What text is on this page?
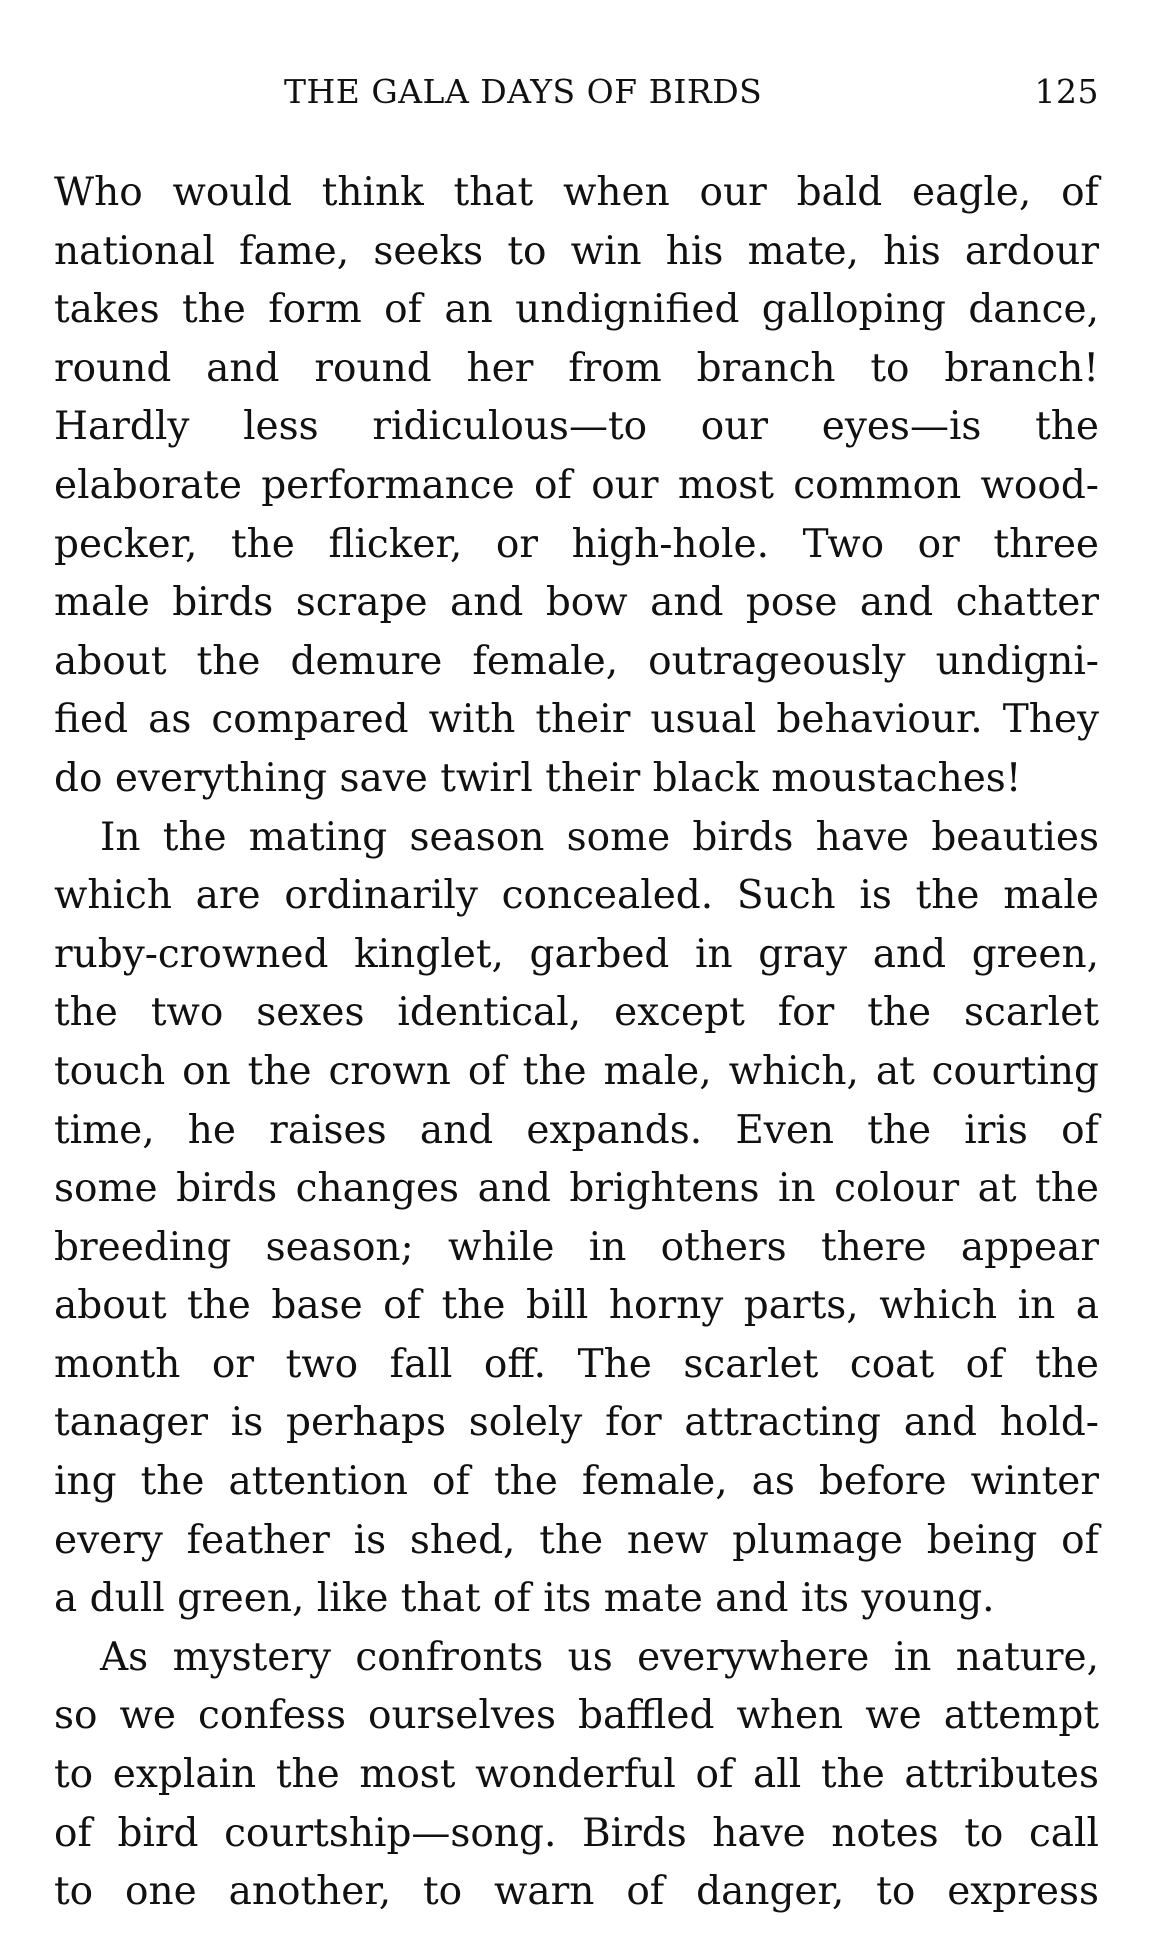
THE GALA DAYS OF BIRDS	125
Who would think that when our bald eagle, of
national fame, seeks to win his mate, his ardour
takes the form of an undignified galloping dance,
round and round her from branch to branch!
Hardly less ridiculous—to our eyes—is the
elaborate performance of our most common wood-
pecker, the flicker, or high-hole. Two or three
male birds scrape and bow and pose and chatter
about the demure female, outrageously undigni-
fied as compared with their usual behaviour. They
do everything save twirl their black moustaches!
In the mating season some birds have beauties
which are ordinarily concealed. Such is the male
ruby-crowned kinglet, garbed in gray and green,
the two sexes identical, except for the scarlet
touch on the crown of the male, which, at courting
time, he raises and expands. Even the iris of
some birds changes and brightens in colour at the
breeding season; while in others there appear
about the base of the bill horny parts, which in a
month or two fall off. The scarlet coat of the
tanager is perhaps solely for attracting and hold-
ing the attention of the female, as before winter
every feather is shed, the new plumage being of
a dull green, like that of its mate and its young.
As mystery confronts us everywhere in nature,
so we confess ourselves baffled when we attempt
to explain the most wonderful of all the attributes
of bird courtship—song. Birds have notes to call
to one another, to warn of danger, to express
